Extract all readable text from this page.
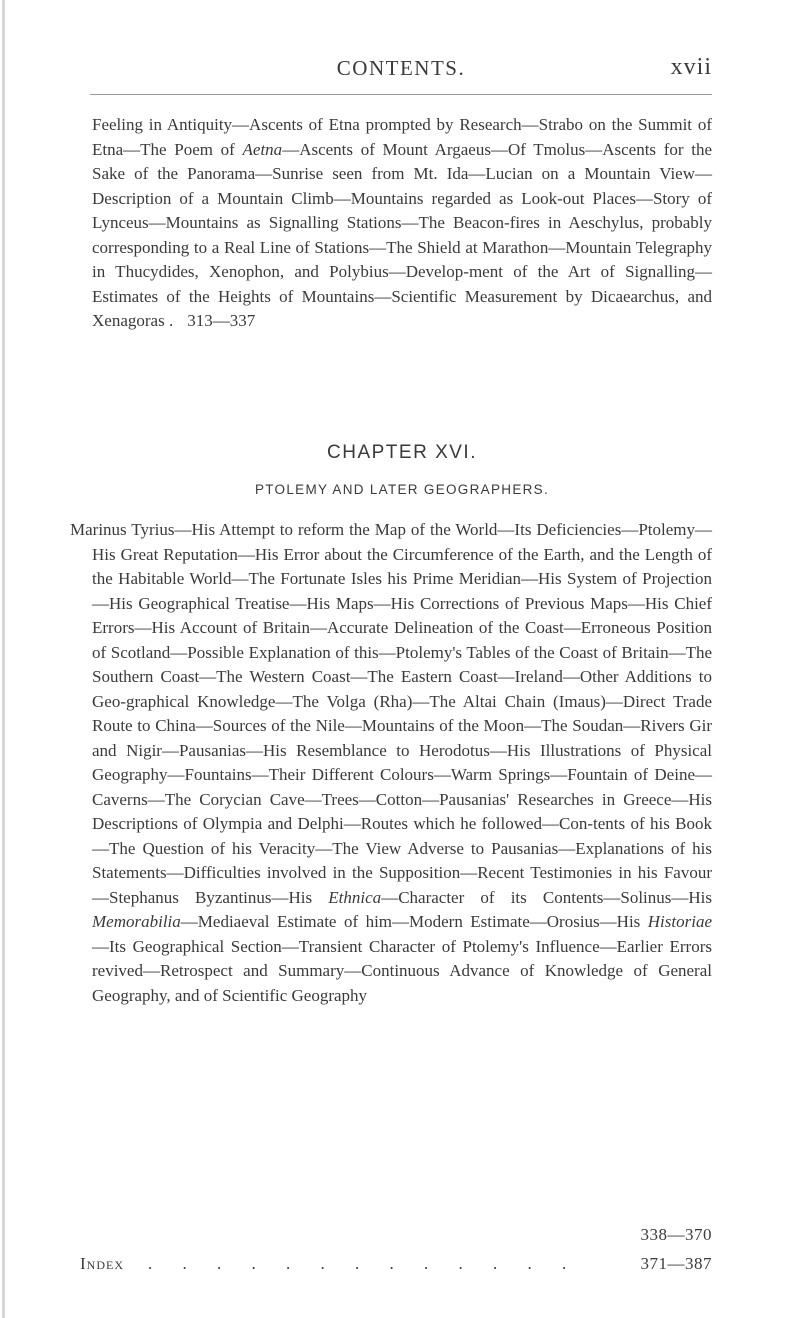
CONTENTS.	xvii
Feeling in Antiquity—Ascents of Etna prompted by Research—Strabo on the Summit of Etna—The Poem of Aetna—Ascents of Mount Argaeus—Of Tmolus—Ascents for the Sake of the Panorama—Sunrise seen from Mt. Ida—Lucian on a Mountain View—Description of a Mountain Climb—Mountains regarded as Look-out Places—Story of Lynceus—Mountains as Signalling Stations—The Beacon-fires in Aeschylus, probably corresponding to a Real Line of Stations—The Shield at Marathon—Mountain Telegraphy in Thucydides, Xenophon, and Polybius—Develop-ment of the Art of Signalling—Estimates of the Heights of Mountains—Scientific Measurement by Dicaearchus, and Xenagoras . 313—337
CHAPTER XVI.
PTOLEMY AND LATER GEOGRAPHERS.
Marinus Tyrius—His Attempt to reform the Map of the World—Its Deficiencies—Ptolemy—His Great Reputation—His Error about the Circumference of the Earth, and the Length of the Habitable World—The Fortunate Isles his Prime Meridian—His System of Projection—His Geographical Treatise—His Maps—His Corrections of Previous Maps—His Chief Errors—His Account of Britain—Accurate Delineation of the Coast—Erroneous Position of Scotland—Possible Explanation of this—Ptolemy's Tables of the Coast of Britain—The Southern Coast—The Western Coast—The Eastern Coast—Ireland—Other Additions to Geo-graphical Knowledge—The Volga (Rha)—The Altai Chain (Imaus)—Direct Trade Route to China—Sources of the Nile—Mountains of the Moon—The Soudan—Rivers Gir and Nigir—Pausanias—His Resemblance to Herodotus—His Illustrations of Physical Geography—Fountains—Their Different Colours—Warm Springs—Fountain of Deine—Caverns—The Corycian Cave—Trees—Cotton—Pausanias' Researches in Greece—His Descriptions of Olympia and Delphi—Routes which he followed—Con-tents of his Book—The Question of his Veracity—The View Adverse to Pausanias—Explanations of his Statements—Difficulties involved in the Supposition—Recent Testimonies in his Favour—Stephanus Byzantinus—His Ethnica—Character of its Contents—Solinus—His Memorabilia—Mediaeval Estimate of him—Modern Estimate—Orosius—His Historiae—Its Geographical Section—Transient Character of Ptolemy's Influence—Earlier Errors revived—Retrospect and Summary—Continuous Advance of Knowledge of General Geography, and of Scientific Geography
338—370
Index . . . . . . . . . . . . .	371—387
